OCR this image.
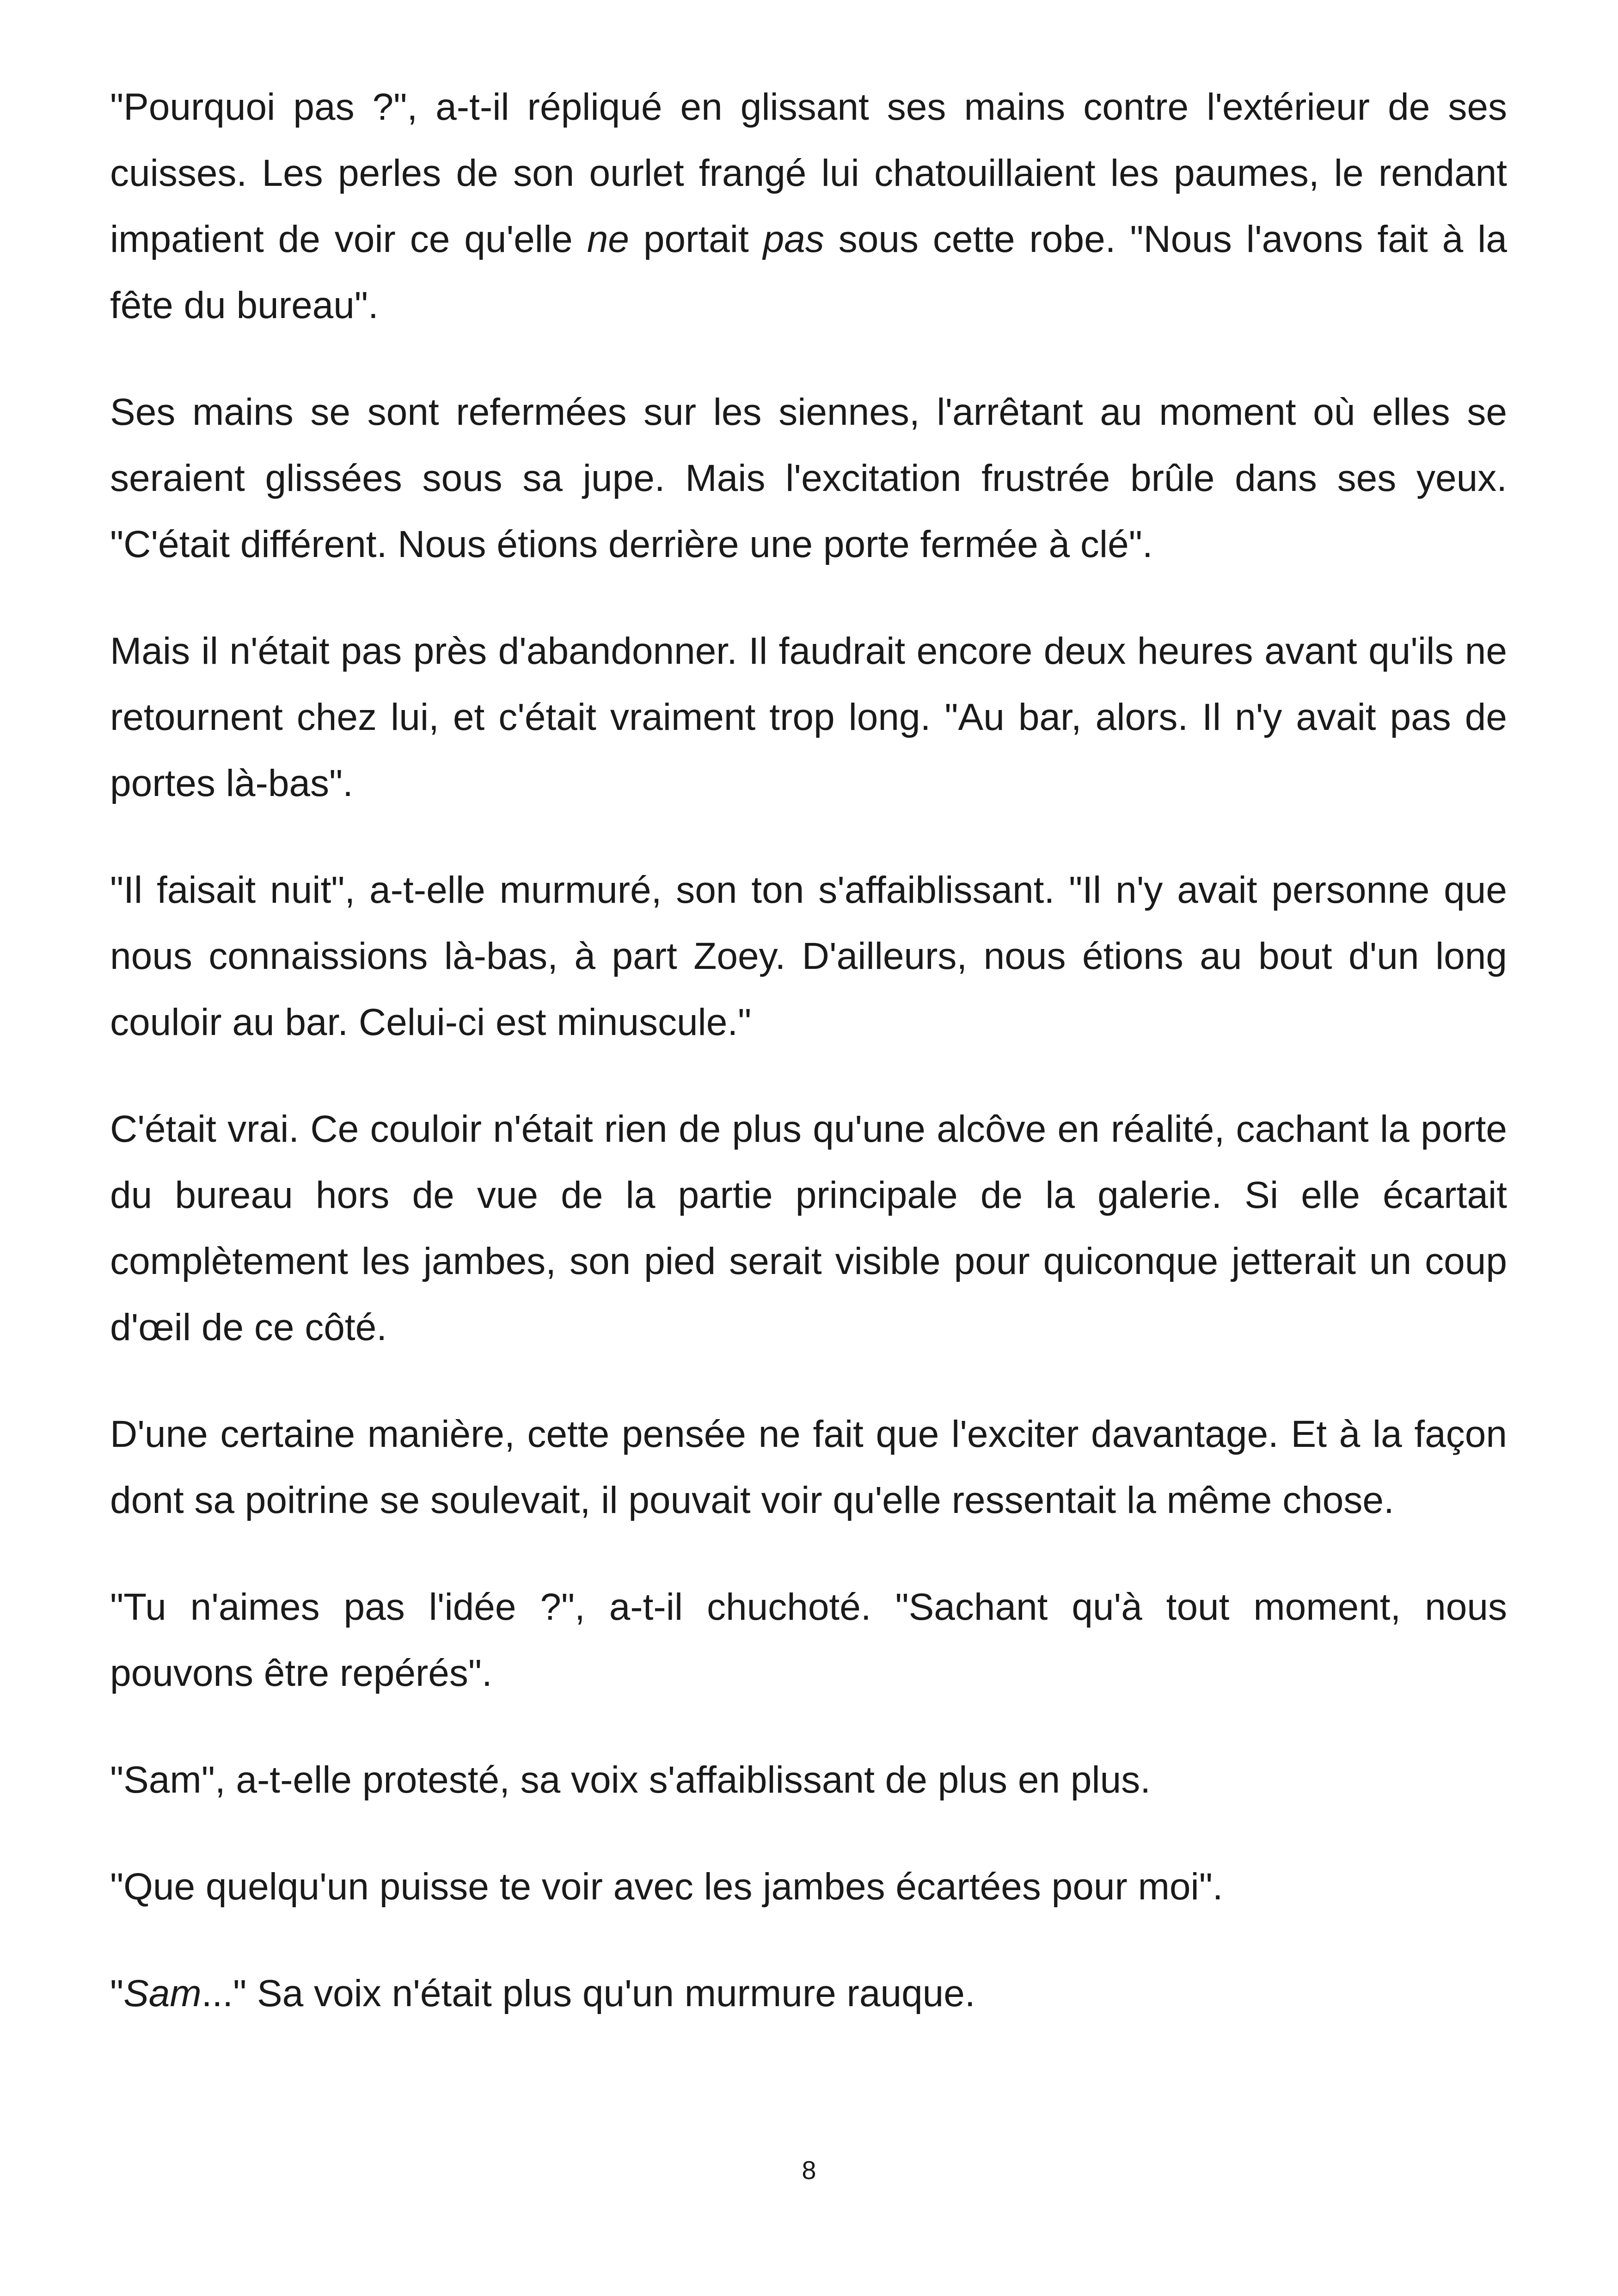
"Pourquoi pas ?", a-t-il répliqué en glissant ses mains contre l'extérieur de ses cuisses. Les perles de son ourlet frangé lui chatouillaient les paumes, le rendant impatient de voir ce qu'elle ne portait pas sous cette robe. "Nous l'avons fait à la fête du bureau".

Ses mains se sont refermées sur les siennes, l'arrêtant au moment où elles se seraient glissées sous sa jupe. Mais l'excitation frustrée brûle dans ses yeux. "C'était différent. Nous étions derrière une porte fermée à clé".

Mais il n'était pas près d'abandonner. Il faudrait encore deux heures avant qu'ils ne retournent chez lui, et c'était vraiment trop long. "Au bar, alors. Il n'y avait pas de portes là-bas".

"Il faisait nuit", a-t-elle murmuré, son ton s'affaiblissant. "Il n'y avait personne que nous connaissions là-bas, à part Zoey. D'ailleurs, nous étions au bout d'un long couloir au bar. Celui-ci est minuscule."

C'était vrai. Ce couloir n'était rien de plus qu'une alcôve en réalité, cachant la porte du bureau hors de vue de la partie principale de la galerie. Si elle écartait complètement les jambes, son pied serait visible pour quiconque jetterait un coup d'œil de ce côté.

D'une certaine manière, cette pensée ne fait que l'exciter davantage. Et à la façon dont sa poitrine se soulevait, il pouvait voir qu'elle ressentait la même chose.

"Tu n'aimes pas l'idée ?", a-t-il chuchoté. "Sachant qu'à tout moment, nous pouvons être repérés".

"Sam", a-t-elle protesté, sa voix s'affaiblissant de plus en plus.

"Que quelqu'un puisse te voir avec les jambes écartées pour moi".

"Sam..." Sa voix n'était plus qu'un murmure rauque.

8
